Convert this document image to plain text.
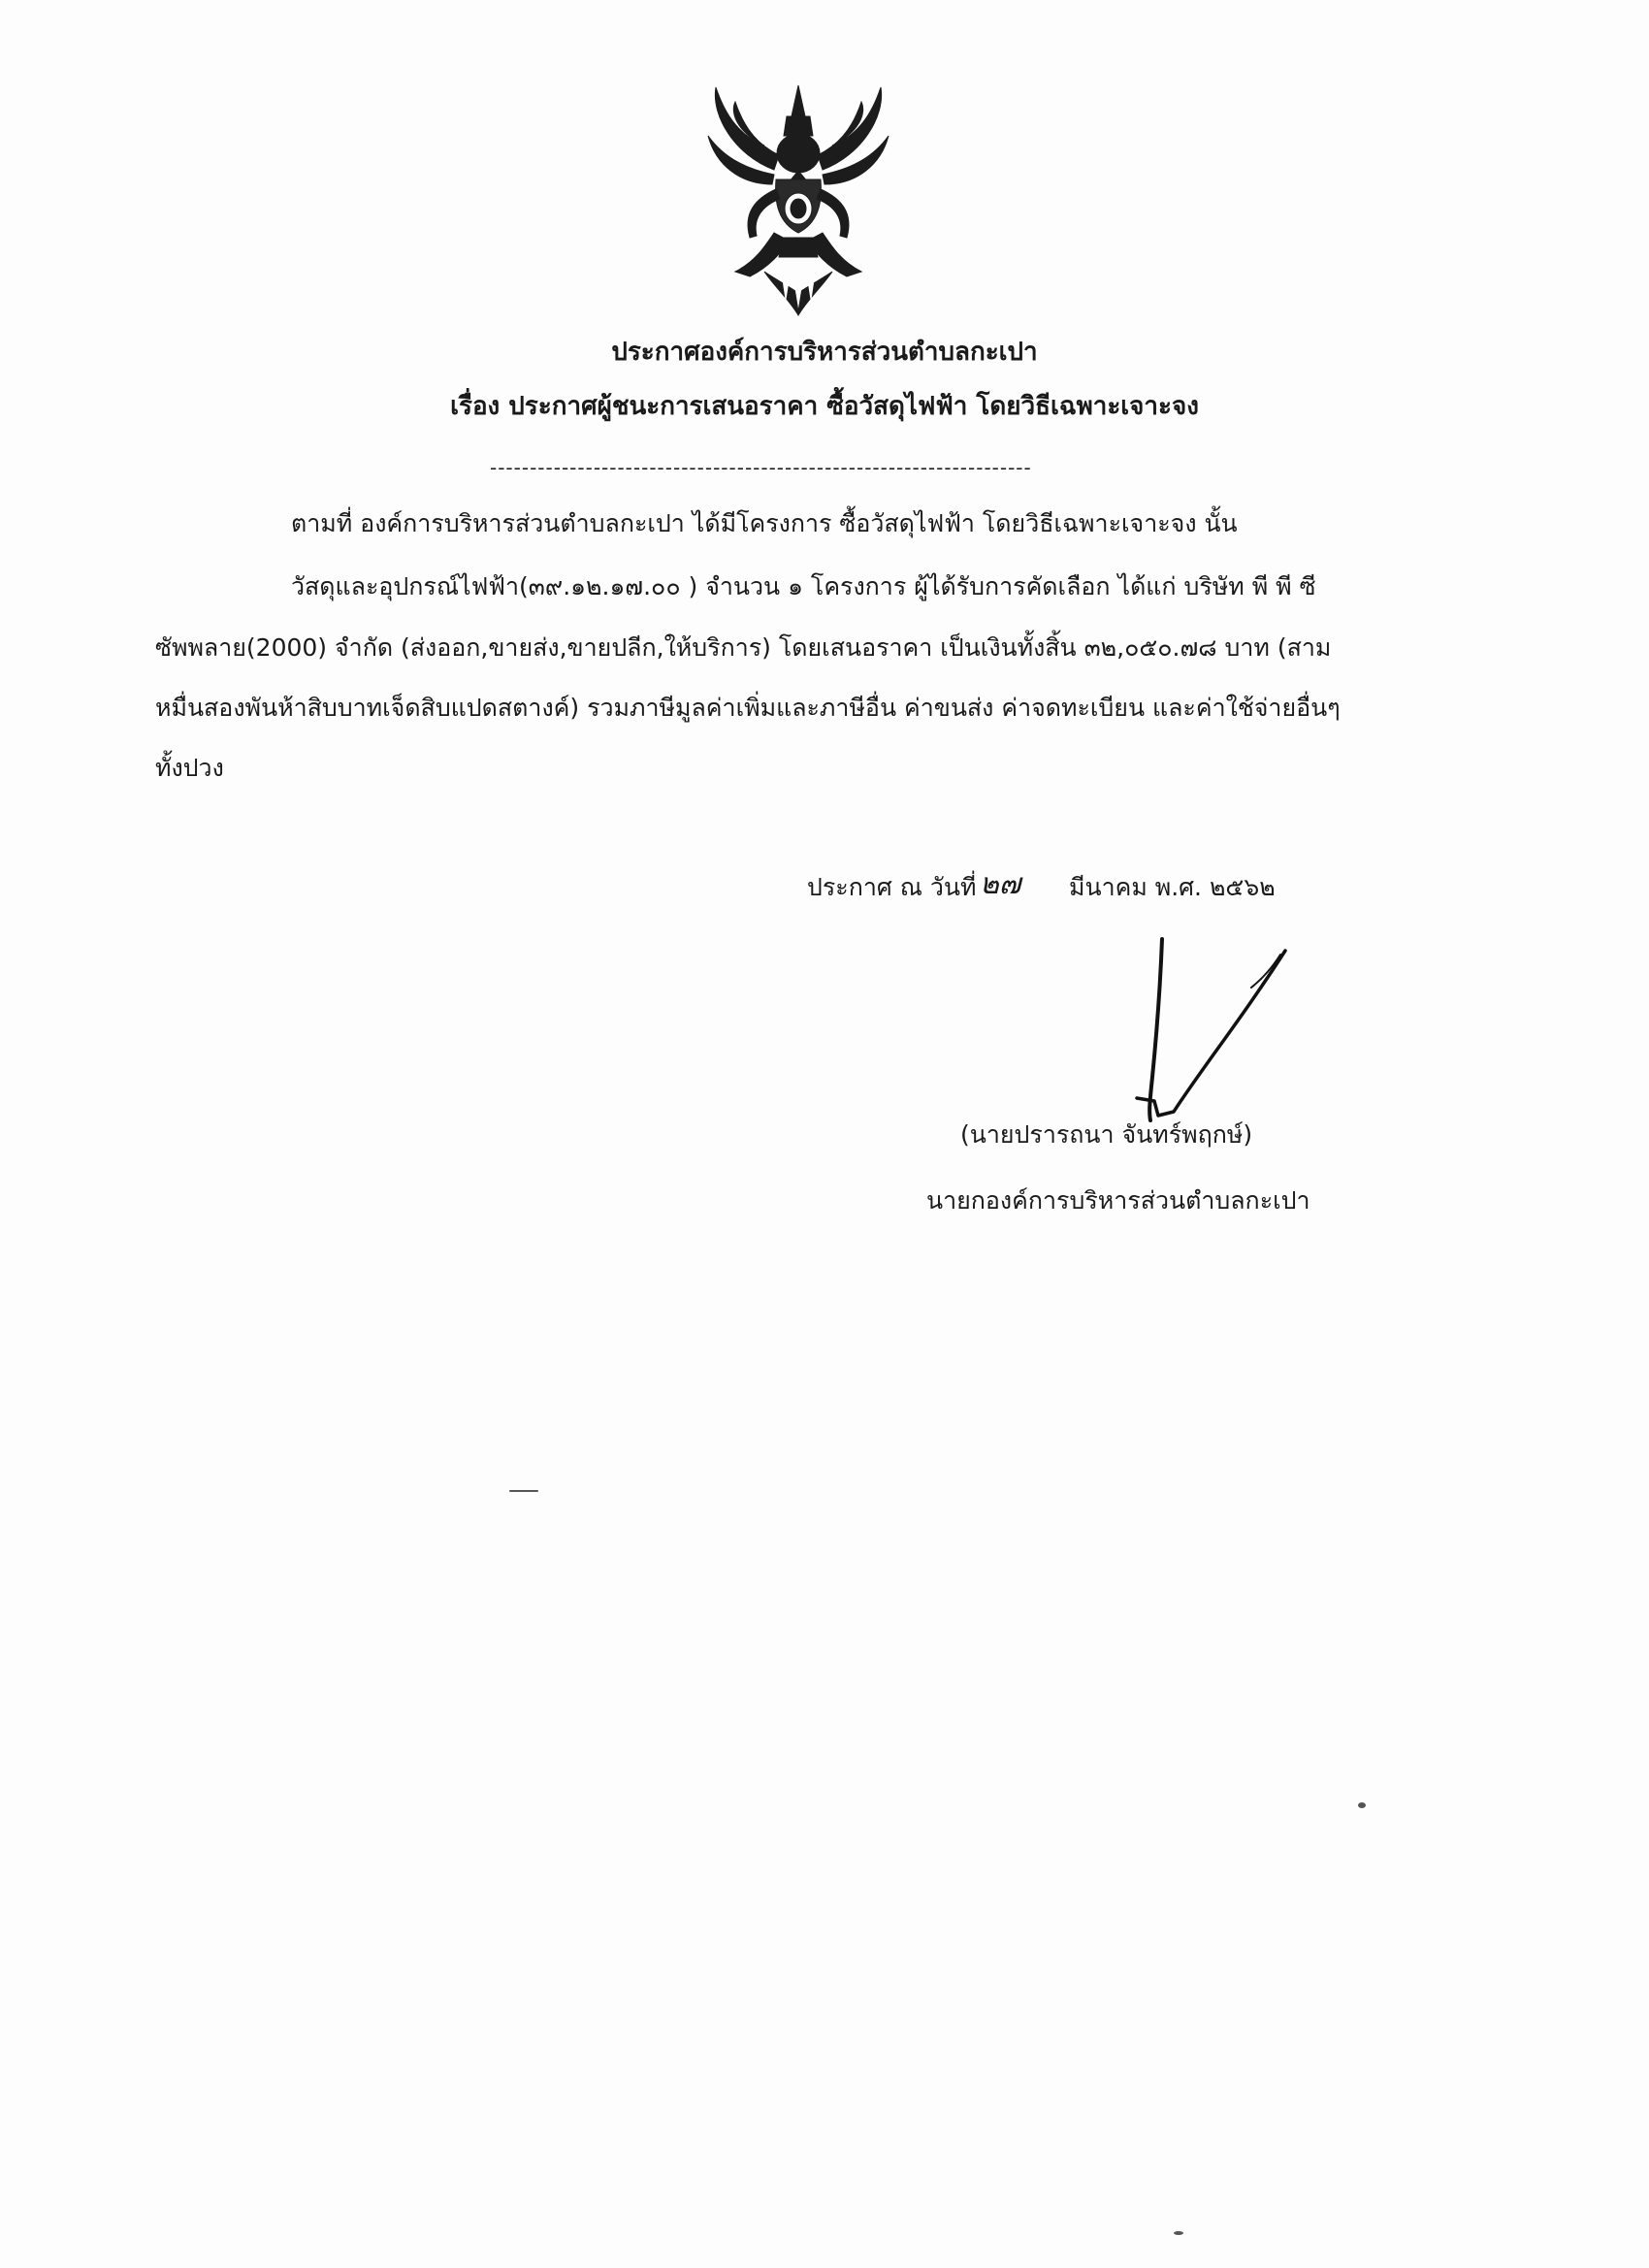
ประกาศองค์การบริหารส่วนตำบลกะเปา
เรื่อง ประกาศผู้ชนะการเสนอราคา ซื้อวัสดุไฟฟ้า โดยวิธีเฉพาะเจาะจง
--------------------------------------------------------------------
ตามที่ องค์การบริหารส่วนตำบลกะเปา ได้มีโครงการ ซื้อวัสดุไฟฟ้า โดยวิธีเฉพาะเจาะจง นั้น
วัสดุและอุปกรณ์ไฟฟ้า(๓๙.๑๒.๑๗.๐๐ ) จำนวน ๑ โครงการ ผู้ได้รับการคัดเลือก ได้แก่ บริษัท พี พี ซี
ซัพพลาย(2000) จำกัด (ส่งออก,ขายส่ง,ขายปลีก,ให้บริการ) โดยเสนอราคา เป็นเงินทั้งสิ้น ๓๒,๐๕๐.๗๘ บาท (สาม
หมื่นสองพันห้าสิบบาทเจ็ดสิบแปดสตางค์) รวมภาษีมูลค่าเพิ่มและภาษีอื่น ค่าขนส่ง ค่าจดทะเบียน และค่าใช้จ่ายอื่นๆ
ทั้งปวง
ประกาศ ณ วันที่ ๒๗ มีนาคม พ.ศ. ๒๕๖๒
(นายปรารถนา จันทร์พฤกษ์)
นายกองค์การบริหารส่วนตำบลกะเปา
